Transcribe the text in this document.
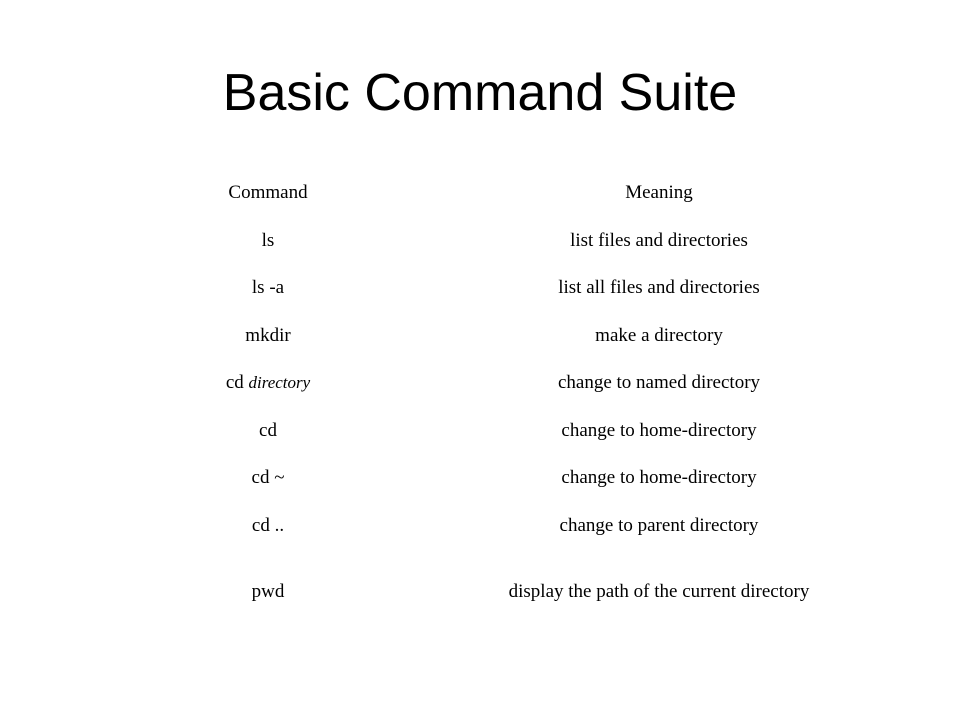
Basic Command Suite
Command	Meaning
ls	list files and directories
ls -a	list all files and directories
mkdir	make a directory
cd directory	change to named directory
cd	change to home-directory
cd ~	change to home-directory
cd ..	change to parent directory
pwd	display the path of the current directory
